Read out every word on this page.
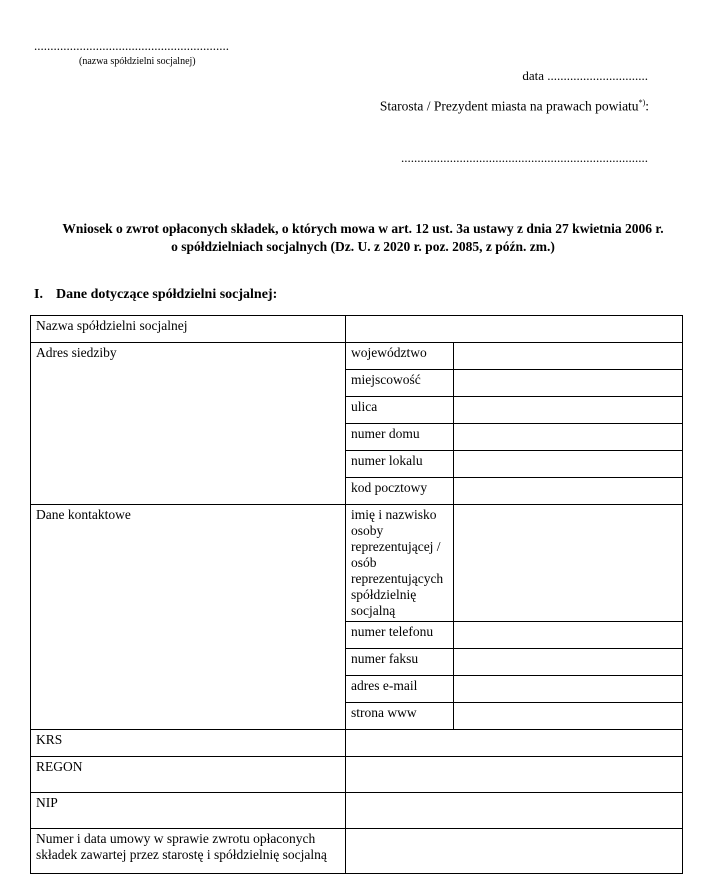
............................................................
(nazwa spółdzielni socjalnej)
data ...............................
Starosta / Prezydent miasta na prawach powiatu*):
............................................................................
Wniosek o zwrot opłaconych składek, o których mowa w art. 12 ust. 3a ustawy z dnia 27 kwietnia 2006 r.
o spółdzielniach socjalnych (Dz. U. z 2020 r. poz. 2085, z późn. zm.)
I. Dane dotyczące spółdzielni socjalnej:
Nazwa spółdzielni socjalnej		
Adres siedziby	województwo	
	miejscowość	
	ulica	
	numer domu	
	numer lokalu	
	kod pocztowy	
Dane kontaktowe	imię i nazwisko osoby reprezentującej / osób reprezentujących spółdzielnię socjalną	
	numer telefonu	
	numer faksu	
	adres e-mail	
	strona www	
KRS		
REGON		
NIP		
Numer i data umowy w sprawie zwrotu opłaconych składek zawartej przez starostę i spółdzielnię socjalną		
